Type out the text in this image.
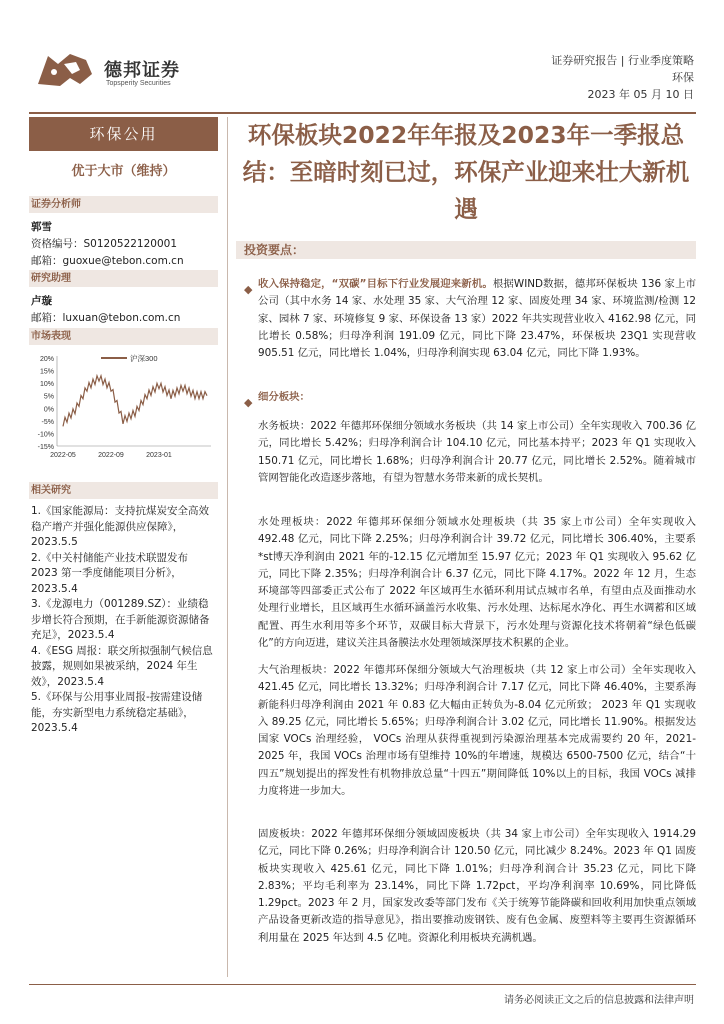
德邦证券
Topsperity Securities
证券研究报告 | 行业季度策略
环保
2023 年 05 月 10 日
环保公用
优于大市（维持）
证券分析师
郭雪
资格编号：S0120522120001
邮箱：guoxue@tebon.com.cn
研究助理
卢璇
邮箱：luxuan@tebon.com.cn
市场表现
20%
15%
10%
5%
0%
-5%
-10%
-15%
沪深300
2022-05	2022-09	2023-01
相关研究

1.《国家能源局：支持抗煤炭安全高效稳产增产并强化能源供应保障》，2023.5.5

2.《中关村储能产业技术联盟发布 2023 第一季度储能项目分析》，2023.5.4

3.《龙源电力（001289.SZ）：业绩稳步增长符合预期，在手新能源资源储备充足》，2023.5.4

4.《ESG 周报：联交所拟强制气候信息披露，规则如果被采纳，2024 年生效》，2023.5.4

5.《环保与公用事业周报-按需建设储能，夯实新型电力系统稳定基础》，2023.5.4

环保板块2022年年报及2023年一季报总结：至暗时刻已过，环保产业迎来壮大新机遇
投资要点：
◆ 收入保持稳定，“双碳”目标下行业发展迎来新机。根据WIND数据，德邦环保板块 136 家上市公司（其中水务 14 家、水处理 35 家、大气治理 12 家、固废处理 34 家、环境监测/检测 12 家、园林 7 家、环境修复 9 家、环保设备 13 家）2022 年共实现营业收入 4162.98 亿元，同比增长 0.58%；归母净利润 191.09 亿元，同比下降 23.47%，环保板块 23Q1 实现营收 905.51 亿元，同比增长 1.04%，归母净利润实现 63.04 亿元，同比下降 1.93%。
◆ 细分板块：
水务板块：2022 年德邦环保细分领域水务板块（共 14 家上市公司）全年实现收入 700.36 亿元，同比增长 5.42%；归母净利润合计 104.10 亿元，同比基本持平；2023 年 Q1 实现收入 150.71 亿元，同比增长 1.68%；归母净利润合计 20.77 亿元，同比增长 2.52%。随着城市管网智能化改造逐步落地，有望为智慧水务带来新的成长契机。
水处理板块：2022 年德邦环保细分领域水处理板块（共 35 家上市公司）全年实现收入 492.48 亿元，同比下降 2.25%；归母净利润合计 39.72 亿元，同比增长 306.40%，主要系*st博天净利润由 2021 年的-12.15 亿元增加至 15.97 亿元；2023 年 Q1 实现收入 95.62 亿元，同比下降 2.35%；归母净利润合计 6.37 亿元，同比下降 4.17%。2022 年 12 月，生态环境部等四部委正式公布了 2022 年区域再生水循环利用试点城市名单，有望由点及面推动水处理行业增长，且区域再生水循环涵盖污水收集、污水处理、达标尾水净化、再生水调蓄和区域配置、再生水利用等多个环节，双碳目标大背景下，污水处理与资源化技术将朝着“绿色低碳化”的方向迈进，建议关注具备膜法水处理领域深厚技术积累的企业。
大气治理板块：2022 年德邦环保细分领域大气治理板块（共 12 家上市公司）全年实现收入 421.45 亿元，同比增长 13.32%；归母净利润合计 7.17 亿元，同比下降 46.40%，主要系海新能科归母净利润由 2021 年 0.83 亿大幅由正转负为-8.04 亿元所致； 2023 年 Q1 实现收入 89.25 亿元，同比增长 5.65%；归母净利润合计 3.02 亿元，同比增长 11.90%。根据发达国家 VOCs 治理经验， VOCs 治理从获得重视到污染源治理基本完成需要约 20 年，2021-2025 年，我国 VOCs 治理市场有望维持 10%的年增速，规模达 6500-7500 亿元，结合“十四五”规划提出的挥发性有机物排放总量“十四五”期间降低 10%以上的目标，我国 VOCs 减排力度将进一步加大。
固废板块：2022 年德邦环保细分领域固废板块（共 34 家上市公司）全年实现收入 1914.29 亿元，同比下降 0.26%；归母净利润合计 120.50 亿元，同比减少 8.24%。2023 年 Q1 固废板块实现收入 425.61 亿元，同比下降 1.01%；归母净利润合计 35.23 亿元，同比下降 2.83%；平均毛利率为 23.14%，同比下降 1.72pct，平均净利润率 10.69%，同比降低 1.29pct。2023 年 2 月，国家发改委等部门发布《关于统筹节能降碳和回收利用加快重点领域产品设备更新改造的指导意见》，指出要推动废钢铁、废有色金属、废塑料等主要再生资源循环利用量在 2025 年达到 4.5 亿吨。资源化利用板块充满机遇。
请务必阅读正文之后的信息披露和法律声明
